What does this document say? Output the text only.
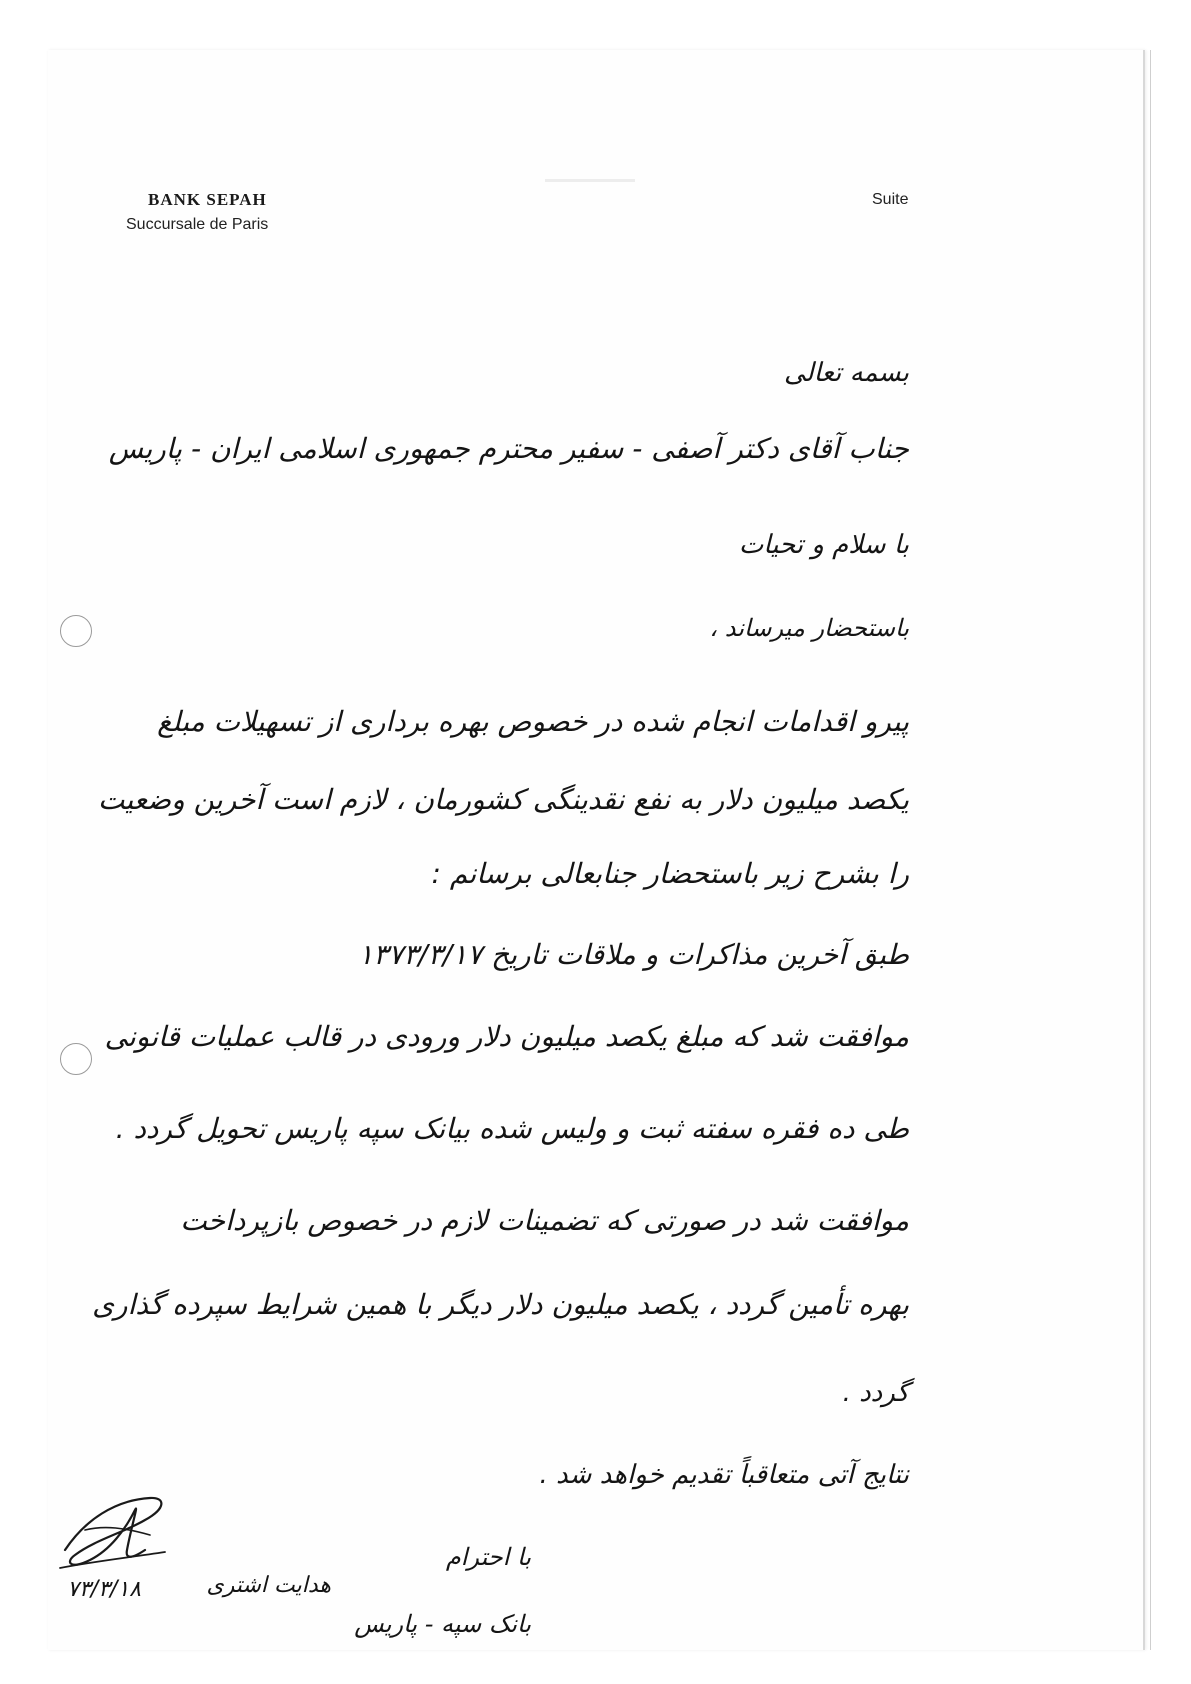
BANK SEPAH
Succursale de Paris
Suite
بسمه تعالی
جناب آقای دکتر آصفی - سفیر محترم جمهوری اسلامی ایران - پاریس
با سلام و تحیات
باستحضار میرساند ،
پیرو اقدامات انجام شده در خصوص بهره برداری از تسهیلات مبلغ
یکصد میلیون دلار به نفع نقدینگی کشورمان ، لازم است آخرین وضعیت
را بشرح زیر باستحضار جنابعالی برسانم :
طبق آخرین مذاکرات و ملاقات تاریخ ۱۳۷۳/۳/۱۷
موافقت شد که مبلغ یکصد میلیون دلار ورودی در قالب عملیات قانونی
طی ده فقره سفته ثبت و ولیس شده بیانک سپه پاریس تحویل گردد .
موافقت شد در صورتی که تضمینات لازم در خصوص بازپرداخت
بهره تأمین گردد ، یکصد میلیون دلار دیگر با همین شرایط سپرده گذاری
گردد .
نتایج آتی متعاقباً تقدیم خواهد شد .
با احترام
بانک سپه - پاریس
هدایت اشتری
۷۳/۳/۱۸
